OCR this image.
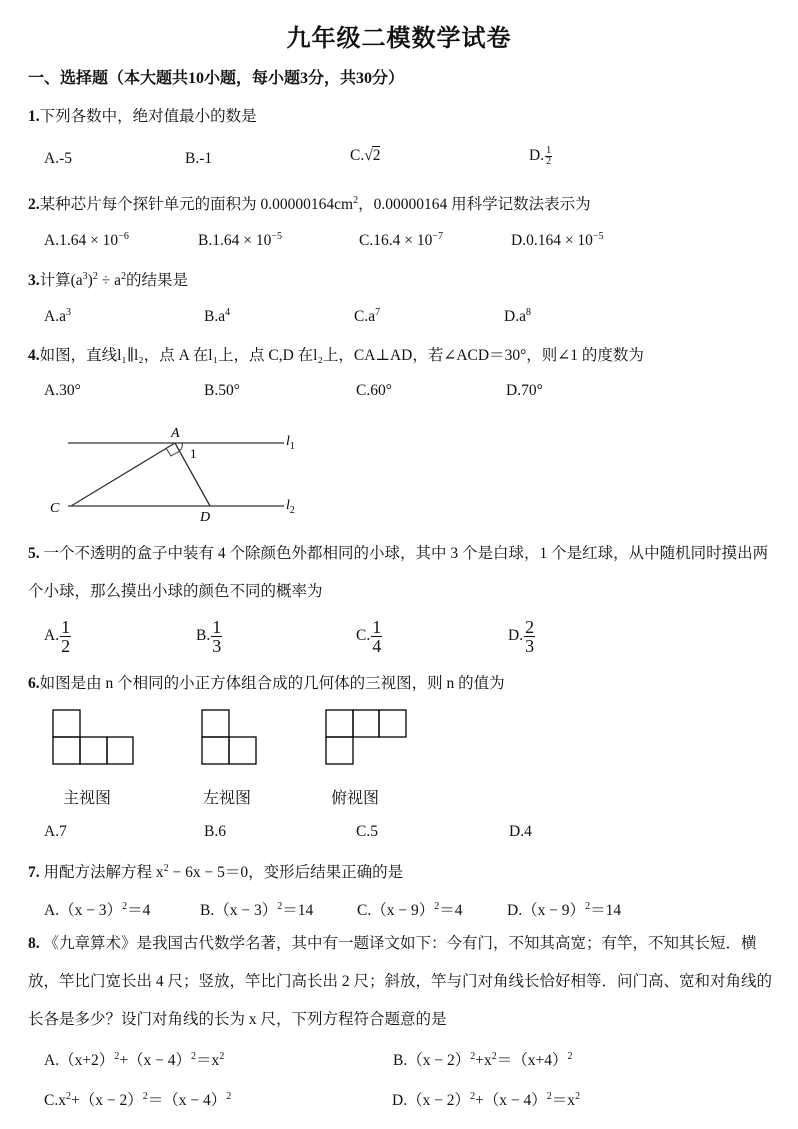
九年级二模数学试卷
一、选择题（本大题共10小题，每小题3分，共30分）
1.下列各数中，绝对值最小的数是
A.-5	B.-1	C.√2	D. $\frac{1}{2}$
2.某种芯片每个探针单元的面积为 $0.00000164cm^2$，0.00000164 用科学记数法表示为
$A.1.64 \times 10^{-6}$	$B.1.64 \times 10^{-5}$	$C.16.4 \times 10^{-7}$	$D.0.164 \times 10^{-5}$
3.计算$(a^3)^2 \div a^2$的结果是
$A.a^3$	$B.a^4$	$C.a^7$	$D.a^8$
4.如图，直线l₁∥l₂，点 A 在l₁上，点 C,D 在l₂上，CA⊥AD，若∠ACD＝30°，则∠1 的度数为
A.30°	B.50°	C.60°	D.70°
A
1
C
D
$l_1$
$l_2$
5. 一个不透明的盒子中装有 4 个除颜色外都相同的小球，其中 3 个是白球，1 个是红球，从中随机同时摸出两个小球，那么摸出小球的颜色不同的概率为
A. $\frac{1}{2}$	B. $\frac{1}{3}$	C. $\frac{1}{4}$	D. $\frac{2}{3}$
6.如图是由 n 个相同的小正方体组合成的几何体的三视图，则 n 的值为
主视图	左视图	俯视图
A.7	B.6	C.5	D.4
7. 用配方法解方程 $x^2 - 6x - 5=0$，变形后结果正确的是
$A.(x - 3)^2=4$	$B.(x - 3)^2=14$	$C.(x - 9)^2=4$	$D.(x - 9)^2=14$
8. 《九章算术》是我国古代数学名著，其中有一题译文如下：今有门，不知其高宽；有竿，不知其长短．横放，竿比门宽长出 4 尺；竖放，竿比门高长出 2 尺；斜放，竿与门对角线长恰好相等．问门高、宽和对角线的长各是多少？设门对角线的长为 x 尺，下列方程符合题意的是
$A.(x+2)^2+(x - 4)^2=x^2$	$B.(x - 2)^2+x^2=(x+4)^2$
$C.x^2+(x - 2)^2=(x - 4)^2$	$D.(x - 2)^2+(x - 4)^2=x^2$
